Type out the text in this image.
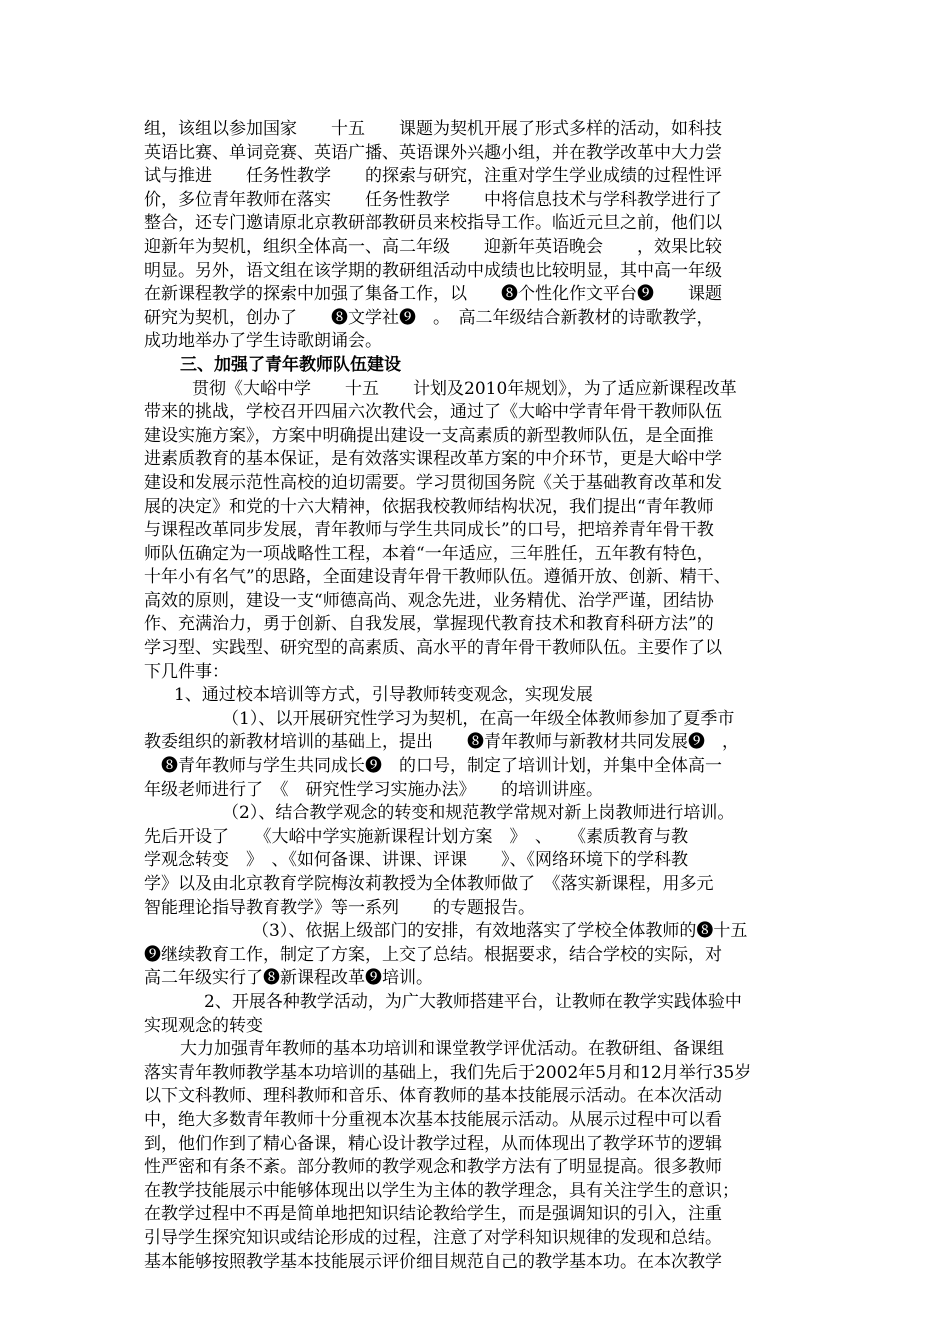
组，该组以参加国家　　十五　　课题为契机开展了形式多样的活动，如科技
英语比赛、单词竞赛、英语广播、英语课外兴趣小组，并在教学改革中大力尝
试与推进　　任务性教学　　的探索与研究，注重对学生学业成绩的过程性评
价，多位青年教师在落实　　任务性教学　　中将信息技术与学科教学进行了
整合，还专门邀请原北京教研部教研员来校指导工作。临近元旦之前，他们以
迎新年为契机，组织全体高一、高二年级　　迎新年英语晚会　　，效果比较
明显。另外，语文组在该学期的教研组活动中成绩也比较明显，其中高一年级
在新课程教学的探索中加强了集备工作，以　　❽个性化作文平台❾　　课题
研究为契机，创办了　　❽文学社❾　。　高二年级结合新教材的诗歌教学，
成功地举办了学生诗歌朗诵会。
三、加强了青年教师队伍建设
贯彻《大峪中学　　十五　　计划及2010年规划》，为了适应新课程改革
带来的挑战，学校召开四届六次教代会，通过了《大峪中学青年骨干教师队伍
建设实施方案》，方案中明确提出建设一支高素质的新型教师队伍，是全面推
进素质教育的基本保证，是有效落实课程改革方案的中介环节，更是大峪中学
建设和发展示范性高校的迫切需要。学习贯彻国务院《关于基础教育改革和发
展的决定》和党的十六大精神，依据我校教师结构状况，我们提出“青年教师
与课程改革同步发展，青年教师与学生共同成长”的口号，把培养青年骨干教
师队伍确定为一项战略性工程，本着“一年适应，三年胜任，五年教有特色，
十年小有名气”的思路，全面建设青年骨干教师队伍。遵循开放、创新、精干、
高效的原则，建设一支“师德高尚、观念先进，业务精优、治学严谨，团结协
作、充满治力，勇于创新、自我发展，掌握现代教育技术和教育科研方法”的
学习型、实践型、研究型的高素质、高水平的青年骨干教师队伍。主要作了以
下几件事：
1、通过校本培训等方式，引导教师转变观念，实现发展
（1）、以开展研究性学习为契机，在高一年级全体教师参加了夏季市
教委组织的新教材培训的基础上，提出　　❽青年教师与新教材共同发展❾　，
　❽青年教师与学生共同成长❾　的口号，制定了培训计划，并集中全体高一
年级老师进行了　《　研究性学习实施办法》　　的培训讲座。
（2）、结合教学观念的转变和规范教学常规对新上岗教师进行培训。
先后开设了　　《大峪中学实施新课程计划方案　》　、　　《素质教育与教
学观念转变　》　、《如何备课、讲课、评课　　》、《网络环境下的学科教
学》以及由北京教育学院梅汝莉教授为全体教师做了　《落实新课程，用多元
智能理论指导教育教学》等一系列　　的专题报告。
（3）、依据上级部门的安排，有效地落实了学校全体教师的❽十五
❾继续教育工作，制定了方案，上交了总结。根据要求，结合学校的实际，对
高二年级实行了❽新课程改革❾培训。
2、开展各种教学活动，为广大教师搭建平台，让教师在教学实践体验中
实现观念的转变
大力加强青年教师的基本功培训和课堂教学评优活动。在教研组、备课组
落实青年教师教学基本功培训的基础上，我们先后于2002年5月和12月举行35岁
以下文科教师、理科教师和音乐、体育教师的基本技能展示活动。在本次活动
中，绝大多数青年教师十分重视本次基本技能展示活动。从展示过程中可以看
到，他们作到了精心备课，精心设计教学过程，从而体现出了教学环节的逻辑
性严密和有条不紊。部分教师的教学观念和教学方法有了明显提高。很多教师
在教学技能展示中能够体现出以学生为主体的教学理念，具有关注学生的意识；
在教学过程中不再是简单地把知识结论教给学生，而是强调知识的引入，注重
引导学生探究知识或结论形成的过程，注意了对学科知识规律的发现和总结。
基本能够按照教学基本技能展示评价细目规范自己的教学基本功。在本次教学
